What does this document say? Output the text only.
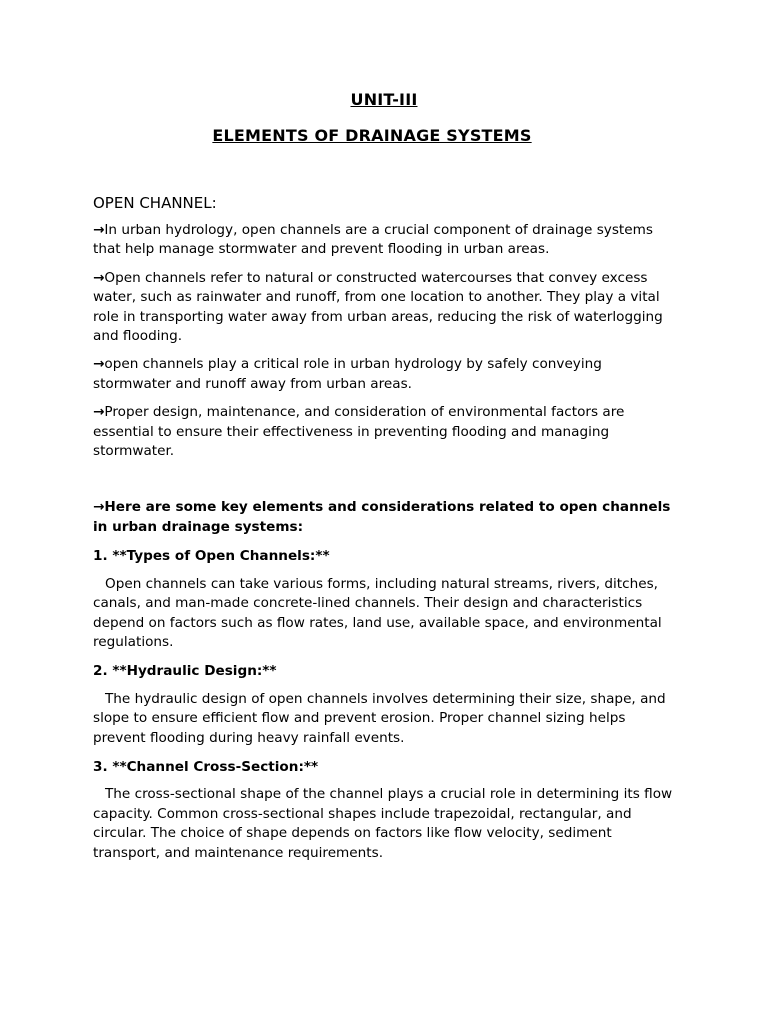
UNIT-III
ELEMENTS OF DRAINAGE SYSTEMS
OPEN CHANNEL:
→In urban hydrology, open channels are a crucial component of drainage systems that help manage stormwater and prevent flooding in urban areas.
→Open channels refer to natural or constructed watercourses that convey excess water, such as rainwater and runoff, from one location to another. They play a vital role in transporting water away from urban areas, reducing the risk of waterlogging and flooding.
→open channels play a critical role in urban hydrology by safely conveying stormwater and runoff away from urban areas.
→Proper design, maintenance, and consideration of environmental factors are essential to ensure their effectiveness in preventing flooding and managing stormwater.
→Here are some key elements and considerations related to open channels in urban drainage systems:
1. **Types of Open Channels:**
Open channels can take various forms, including natural streams, rivers, ditches, canals, and man-made concrete-lined channels. Their design and characteristics depend on factors such as flow rates, land use, available space, and environmental regulations.
2. **Hydraulic Design:**
The hydraulic design of open channels involves determining their size, shape, and slope to ensure efficient flow and prevent erosion. Proper channel sizing helps prevent flooding during heavy rainfall events.
3. **Channel Cross-Section:**
The cross-sectional shape of the channel plays a crucial role in determining its flow capacity. Common cross-sectional shapes include trapezoidal, rectangular, and circular. The choice of shape depends on factors like flow velocity, sediment transport, and maintenance requirements.
